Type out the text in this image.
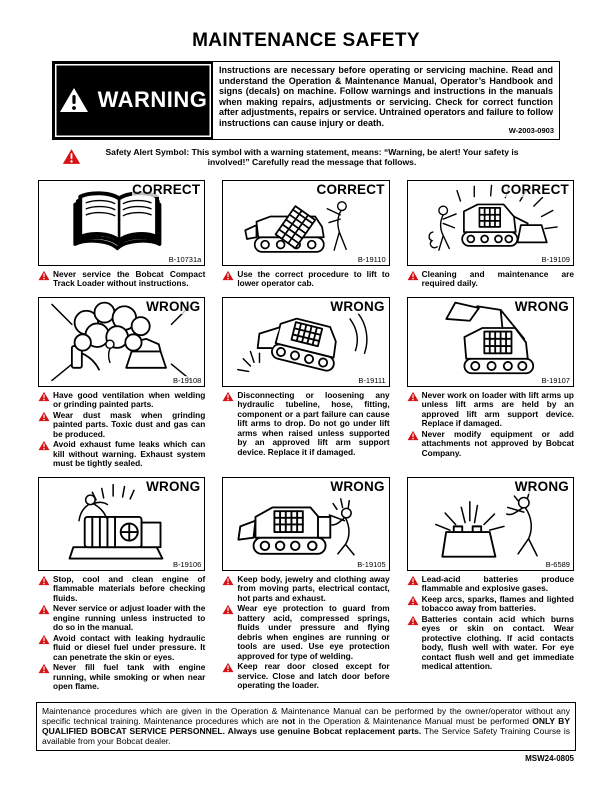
MAINTENANCE SAFETY
WARNING
Instructions are necessary before operating or servicing machine. Read and understand the Operation & Maintenance Manual, Operator’s Handbook and signs (decals) on machine. Follow warnings and instructions in the manuals when making repairs, adjustments or servicing. Check for correct function after adjustments, repairs or service. Untrained operators and failure to follow instructions can cause injury or death.
W-2003-0903
Safety Alert Symbol: This symbol with a warning statement, means: “Warning, be alert! Your safety is involved!” Carefully read the message that follows.
CORRECT
B-10731a
Never service the Bobcat Compact Track Loader without instructions.
CORRECT
B-19110
Use the correct procedure to lift to lower operator cab.
CORRECT
B-19109
Cleaning and maintenance are required daily.
WRONG
B-19108
Have good ventilation when welding or grinding painted parts.
Wear dust mask when grinding painted parts. Toxic dust and gas can be produced.
Avoid exhaust fume leaks which can kill without warning. Exhaust system must be tightly sealed.
WRONG
B-19111
Disconnecting or loosening any hydraulic tubeline, hose, fitting, component or a part failure can cause lift arms to drop. Do not go under lift arms when raised unless supported by an approved lift arm support device. Replace it if damaged.
WRONG
B-19107
Never work on loader with lift arms up unless lift arms are held by an approved lift arm support device. Replace if damaged.
Never modify equipment or add attachments not approved by Bobcat Company.
WRONG
B-19106
Stop, cool and clean engine of flammable materials before checking fluids.
Never service or adjust loader with the engine running unless instructed to do so in the manual.
Avoid contact with leaking hydraulic fluid or diesel fuel under pressure. It can penetrate the skin or eyes.
Never fill fuel tank with engine running, while smoking or when near open flame.
WRONG
B-19105
Keep body, jewelry and clothing away from moving parts, electrical contact, hot parts and exhaust.
Wear eye protection to guard from battery acid, compressed springs, fluids under pressure and flying debris when engines are running or tools are used. Use eye protection approved for type of welding.
Keep rear door closed except for service. Close and latch door before operating the loader.
WRONG
B-6589
Lead-acid batteries produce flammable and explosive gases.
Keep arcs, sparks, flames and lighted tobacco away from batteries.
Batteries contain acid which burns eyes or skin on contact. Wear protective clothing. If acid contacts body, flush well with water. For eye contact flush well and get immediate medical attention.

Maintenance procedures which are given in the Operation & Maintenance Manual can be performed by the owner/operator without any specific technical training. Maintenance procedures which are not in the Operation & Maintenance Manual must be performed ONLY BY QUALIFIED BOBCAT SERVICE PERSONNEL. Always use genuine Bobcat replacement parts. The Service Safety Training Course is available from your Bobcat dealer.

MSW24-0805
